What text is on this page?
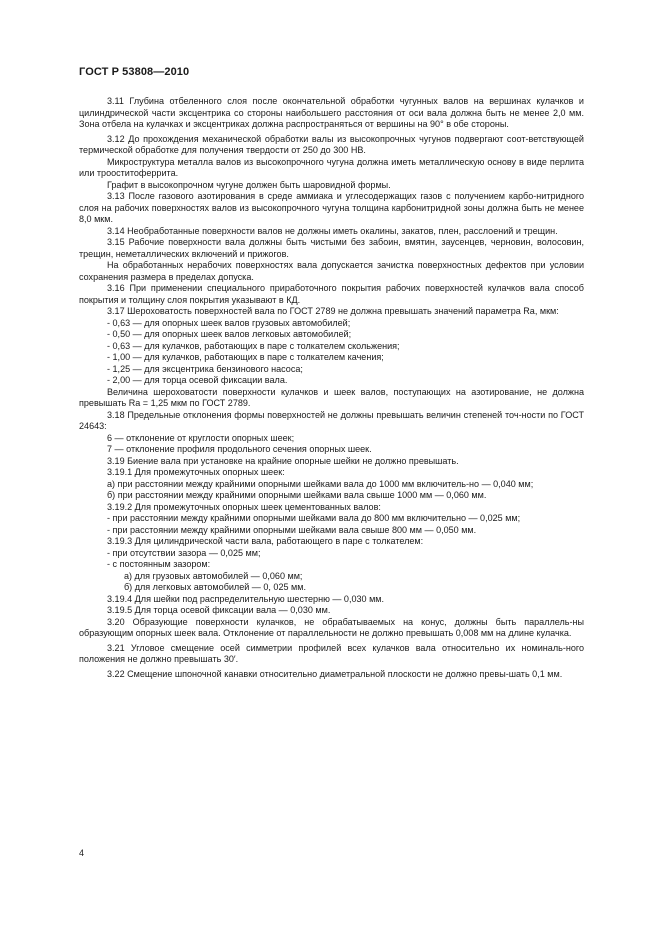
ГОСТ Р 53808—2010

3.11 Глубина отбеленного слоя после окончательной обработки чугунных валов на вершинах кулачков и цилиндрической части эксцентрика со стороны наибольшего расстояния от оси вала должна быть не менее 2,0 мм. Зона отбела на кулачках и эксцентриках должна распространяться от вершины на 90° в обе стороны.

3.12 До прохождения механической обработки валы из высокопрочных чугунов подвергают соот-ветствующей термической обработке для получения твердости от 250 до 300 НВ.

Микроструктура металла валов из высокопрочного чугуна должна иметь металлическую основу в виде перлита или трооститоферрита.

Графит в высокопрочном чугуне должен быть шаровидной формы.

3.13 После газового азотирования в среде аммиака и углесодержащих газов с получением карбо-нитридного слоя на рабочих поверхностях валов из высокопрочного чугуна толщина карбонитридной зоны должна быть не менее 8,0 мкм.

3.14 Необработанные поверхности валов не должны иметь окалины, закатов, плен, расслоений и трещин.

3.15 Рабочие поверхности вала должны быть чистыми без забоин, вмятин, заусенцев, черновин, волосовин, трещин, неметаллических включений и прижогов.

На обработанных нерабочих поверхностях вала допускается зачистка поверхностных дефектов при условии сохранения размера в пределах допуска.

3.16 При применении специального приработочного покрытия рабочих поверхностей кулачков вала способ покрытия и толщину слоя покрытия указывают в КД.

3.17 Шероховатость поверхностей вала по ГОСТ 2789 не должна превышать значений параметра Ra, мкм:

- 0,63 — для опорных шеек валов грузовых автомобилей;

- 0,50 — для опорных шеек валов легковых автомобилей;

- 0,63 — для кулачков, работающих в паре с толкателем скольжения;

- 1,00 — для кулачков, работающих в паре с толкателем качения;

- 1,25 — для эксцентрика бензинового насоса;

- 2,00 — для торца осевой фиксации вала.

Величина шероховатости поверхности кулачков и шеек валов, поступающих на азотирование, не должна превышать Ra = 1,25 мкм по ГОСТ 2789.

3.18 Предельные отклонения формы поверхностей не должны превышать величин степеней точ-ности по ГОСТ 24643:

6 — отклонение от круглости опорных шеек;

7 — отклонение профиля продольного сечения опорных шеек.

3.19 Биение вала при установке на крайние опорные шейки не должно превышать.

3.19.1 Для промежуточных опорных шеек:

а) при расстоянии между крайними опорными шейками вала до 1000 мм включитель-но — 0,040 мм;

б) при расстоянии между крайними опорными шейками вала свыше 1000 мм — 0,060 мм.

3.19.2 Для промежуточных опорных шеек цементованных валов:

- при расстоянии между крайними опорными шейками вала до 800 мм включительно — 0,025 мм;

- при расстоянии между крайними опорными шейками вала свыше 800 мм — 0,050 мм.

3.19.3 Для цилиндрической части вала, работающего в паре с толкателем:

- при отсутствии зазора — 0,025 мм;

- с постоянным зазором:

а) для грузовых автомобилей — 0,060 мм;

б) для легковых автомобилей — 0, 025 мм.

3.19.4 Для шейки под распределительную шестерню — 0,030 мм.

3.19.5 Для торца осевой фиксации вала — 0,030 мм.

3.20 Образующие поверхности кулачков, не обрабатываемых на конус, должны быть параллель-ны образующим опорных шеек вала. Отклонение от параллельности не должно превышать 0,008 мм на длине кулачка.

3.21 Угловое смещение осей симметрии профилей всех кулачков вала относительно их номиналь-ного положения не должно превышать 30′.

3.22 Смещение шпоночной канавки относительно диаметральной плоскости не должно превы-шать 0,1 мм.

4
